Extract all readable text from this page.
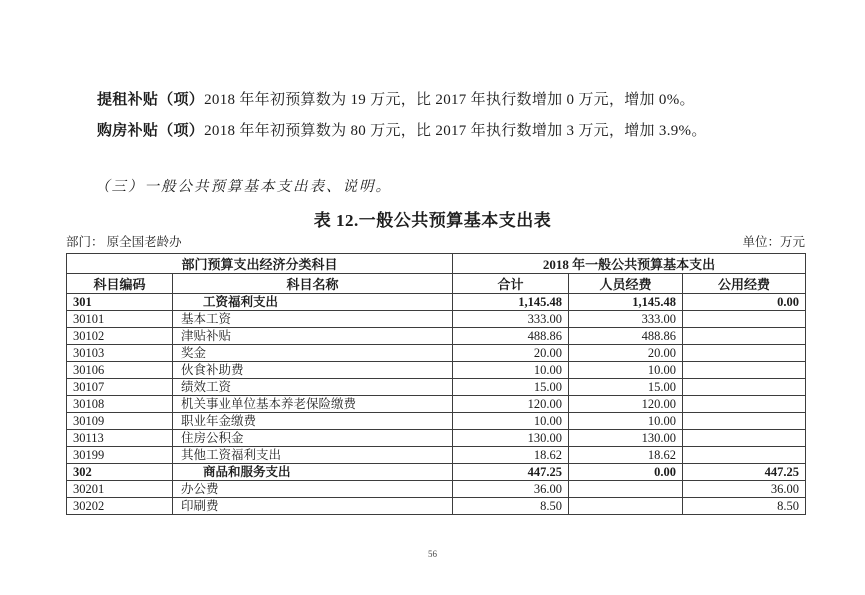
提租补贴（项）2018 年年初预算数为 19 万元，比 2017 年执行数增加 0 万元，增加 0%。
购房补贴（项）2018 年年初预算数为 80 万元，比 2017 年执行数增加 3 万元，增加 3.9%。
（三）一般公共预算基本支出表、说明。
表 12.一般公共预算基本支出表
部门： 原全国老龄办	单位：万元
部门预算支出经济分类科目		2018 年一般公共预算基本支出		
科目编码	科目名称	合计	人员经费	公用经费
301	工资福利支出	1,145.48	1,145.48	0.00
30101	基本工资	333.00	333.00	
30102	津贴补贴	488.86	488.86	
30103	奖金	20.00	20.00	
30106	伙食补助费	10.00	10.00	
30107	绩效工资	15.00	15.00	
30108	机关事业单位基本养老保险缴费	120.00	120.00	
30109	职业年金缴费	10.00	10.00	
30113	住房公积金	130.00	130.00	
30199	其他工资福利支出	18.62	18.62	
302	商品和服务支出	447.25	0.00	447.25
30201	办公费	36.00		36.00
30202	印刷费	8.50		8.50
56
